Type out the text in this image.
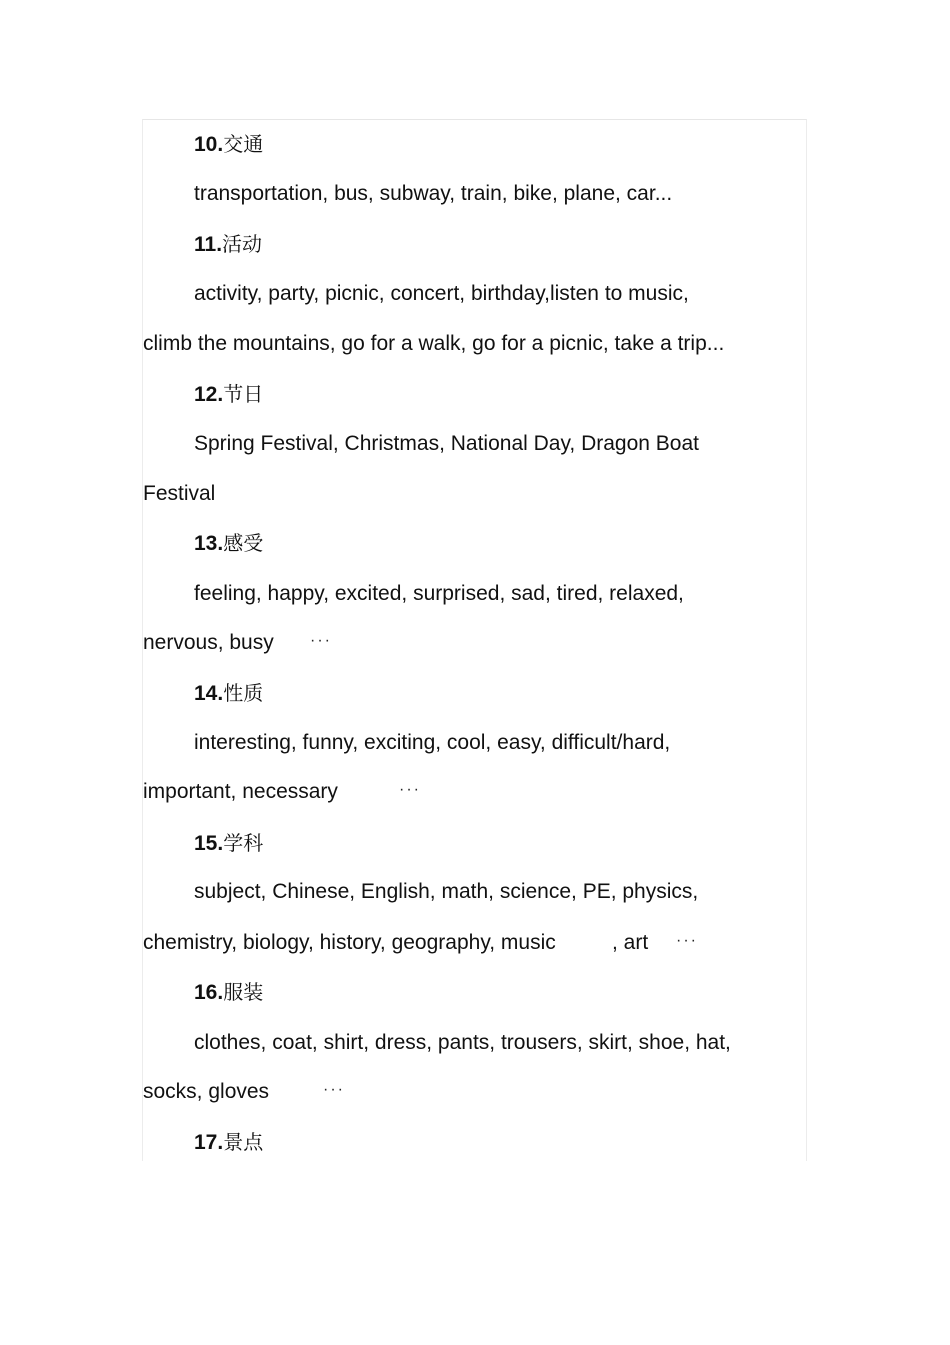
10.交通
transportation, bus, subway, train, bike, plane, car...
11.活动
activity, party, picnic, concert, birthday,listen to music,
climb the mountains, go for a walk, go for a picnic, take a trip...
12.节日
Spring Festival, Christmas, National Day, Dragon Boat
Festival
13.感受
feeling, happy, excited, surprised, sad, tired, relaxed,
nervous, busy ···
14.性质
interesting, funny, exciting, cool, easy, difficult/hard,
important, necessary	···
15.学科
subject, Chinese, English, math, science, PE, physics,
chemistry, biology, history, geography, music	, art ···
16.服装
clothes, coat, shirt, dress, pants, trousers, skirt, shoe, hat,
socks, gloves	···
17.景点
